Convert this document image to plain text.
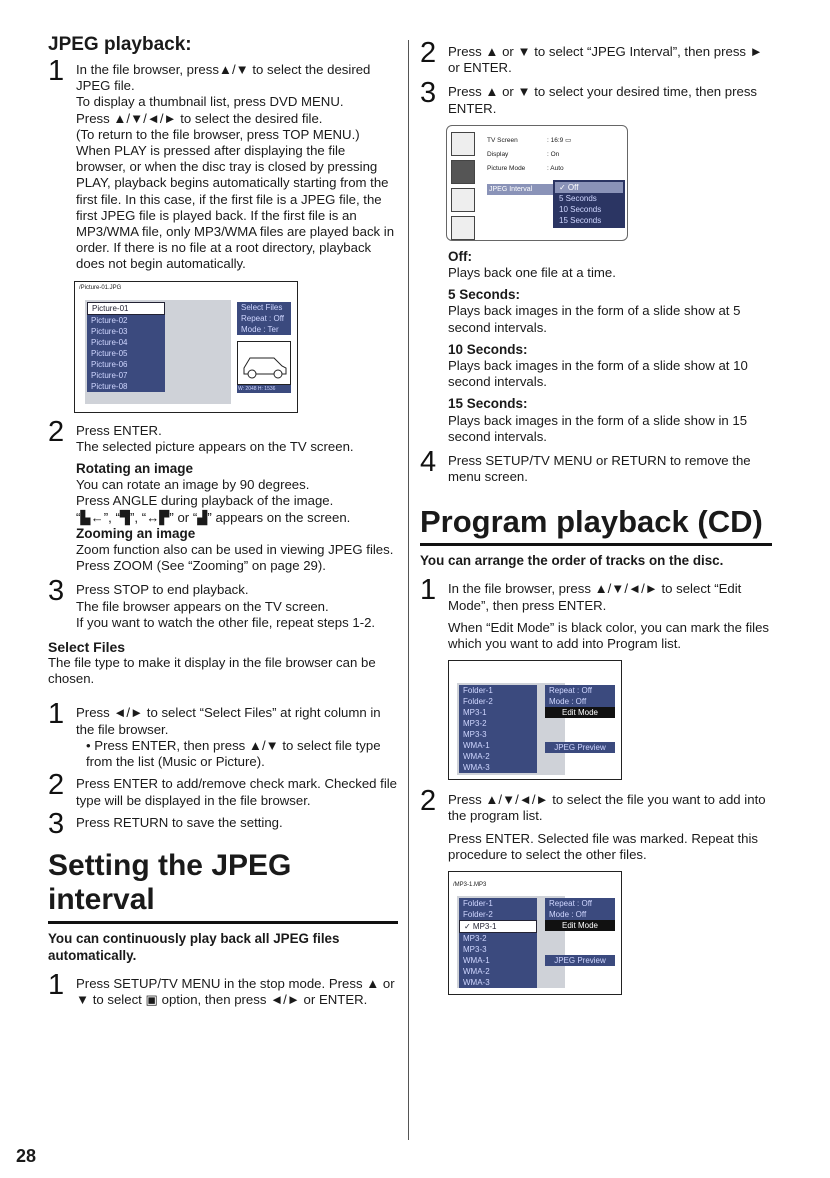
JPEG playback:
1 In the file browser, press▲/▼ to select the desired JPEG file.
To display a thumbnail list, press DVD MENU.
Press ▲/▼/◄/► to select the desired file.
(To return to the file browser, press TOP MENU.)
When PLAY is pressed after displaying the file browser, or when the disc tray is closed by pressing PLAY, playback begins automatically starting from the first file. In this case, if the first file is a JPEG file, the first JPEG file is played back. If the first file is an MP3/WMA file, only MP3/WMA files are played back in order. If there is no file at a root directory, playback does not begin automatically.
/Picture-01.JPG
Picture-01
Picture-02
Picture-03
Picture-04
Picture-05
Picture-06
Picture-07
Picture-08
Select Files
Repeat : Off
Mode : Ter
W: 2048 H: 1536
2 Press ENTER.
The selected picture appears on the TV screen.
Rotating an image
You can rotate an image by 90 degrees.
Press ANGLE during playback of the image.
“▙←”, “▜”, “↔▛” or “▟” appears on the screen.
Zooming an image
Zoom function also can be used in viewing JPEG files.
Press ZOOM (See “Zooming” on page 29).
3 Press STOP to end playback.
The file browser appears on the TV screen.
If you want to watch the other file, repeat steps 1-2.
Select Files
The file type to make it display in the file browser can be chosen.
1 Press ◄/► to select “Select Files” at right column in the file browser.
• Press ENTER, then press ▲/▼ to select file type from the list (Music or Picture).
2 Press ENTER to add/remove check mark. Checked file type will be displayed in the file browser.
3 Press RETURN to save the setting.
Setting the JPEG interval
You can continuously play back all JPEG files automatically.
1 Press SETUP/TV MENU in the stop mode. Press ▲ or ▼ to select ▣ option, then press ◄/► or ENTER.
2 Press ▲ or ▼ to select “JPEG Interval”, then press ► or ENTER.
3 Press ▲ or ▼ to select your desired time, then press ENTER.
TV Screen	: 16:9 ▭
Display	: On
Picture Mode	: Auto
JPEG Interval	✓ Off
5 Seconds
10 Seconds
15 Seconds
Off:
Plays back one file at a time.
5 Seconds:
Plays back images in the form of a slide show at 5 second intervals.
10 Seconds:
Plays back images in the form of a slide show at 10 second intervals.
15 Seconds:
Plays back images in the form of a slide show in 15 second intervals.
4 Press SETUP/TV MENU or RETURN to remove the menu screen.
Program playback (CD)
You can arrange the order of tracks on the disc.
1 In the file browser, press ▲/▼/◄/► to select “Edit Mode”, then press ENTER.
When “Edit Mode” is black color, you can mark the files which you want to add into Program list.
Folder-1
Folder-2
MP3-1
MP3-2
MP3-3
WMA-1
WMA-2
WMA-3
Repeat : Off
Mode : Off
Edit Mode
JPEG Preview
2 Press ▲/▼/◄/► to select the file you want to add into the program list.
Press ENTER. Selected file was marked. Repeat this procedure to select the other files.
/MP3-1.MP3
Folder-1
Folder-2
✓ MP3-1
MP3-2
MP3-3
WMA-1
WMA-2
WMA-3
Repeat : Off
Mode : Off
Edit Mode
JPEG Preview
28
